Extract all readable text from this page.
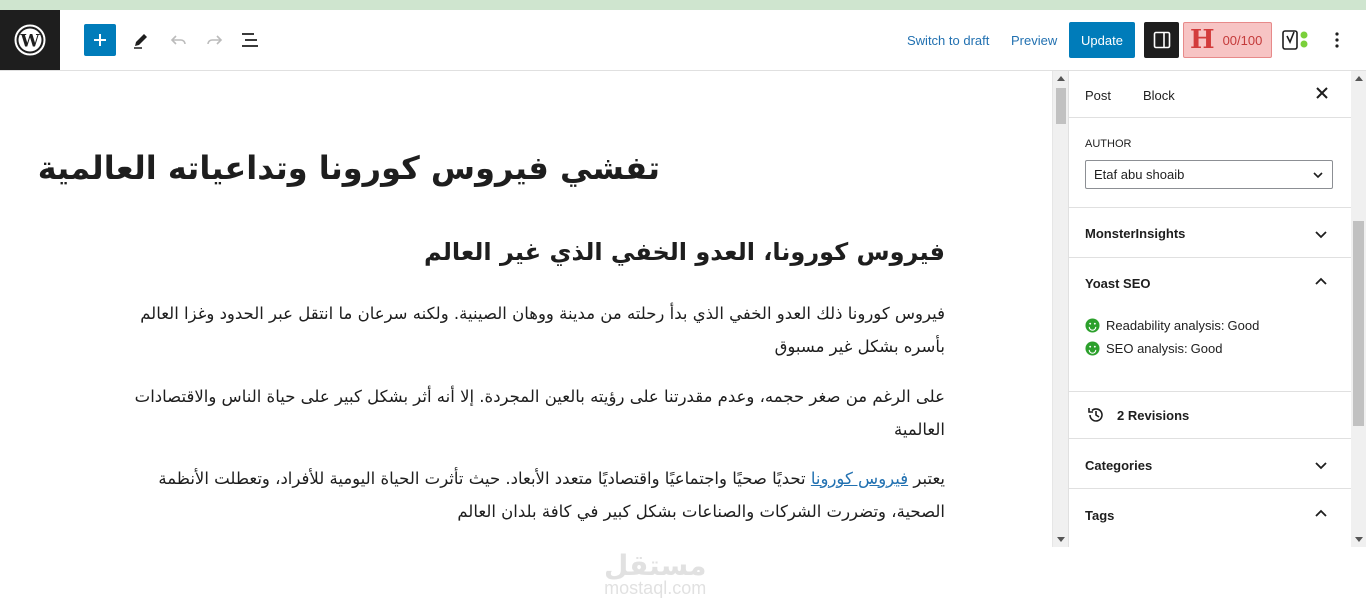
W	Switch to draft Preview	Update	H 00/100
تفشي فيروس كورونا وتداعياته العالمية
فيروس كورونا، العدو الخفي الذي غير العالم

فيروس كورونا ذلك العدو الخفي الذي بدأ رحلته من مدينة ووهان الصينية. ولكنه سرعان ما انتقل عبر الحدود وغزا العالم بأسره بشكل غير مسبوق

على الرغم من صغر حجمه، وعدم مقدرتنا على رؤيته بالعين المجردة. إلا أنه أثر بشكل كبير على حياة الناس والاقتصادات العالمية

يعتبر فيروس كورونا تحديًا صحيًا واجتماعيًا واقتصاديًا متعدد الأبعاد. حيث تأثرت الحياة اليومية للأفراد، وتعطلت الأنظمة الصحية، وتضررت الشركات والصناعات بشكل كبير في كافة بلدان العالم

مستقل
mostaql.com
Post Block
AUTHOR
Etaf abu shoaib
MonsterInsights
Yoast SEO
Readability analysis: Good
SEO analysis: Good
2 Revisions
Categories
Tags
